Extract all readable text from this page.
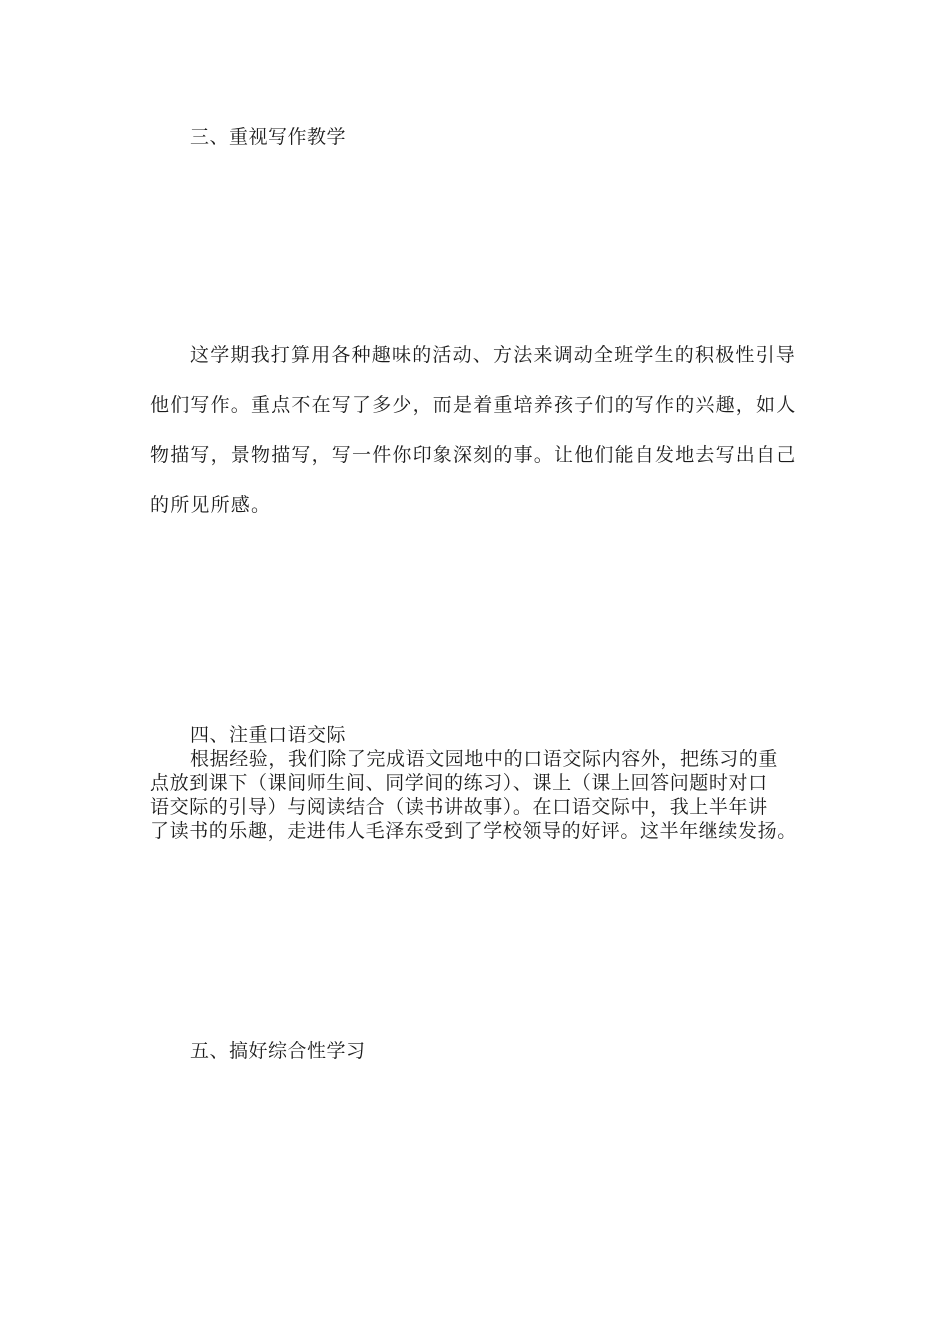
三、重视写作教学
这学期我打算用各种趣味的活动、方法来调动全班学生的积极性引导
他们写作。重点不在写了多少，而是着重培养孩子们的写作的兴趣，如人
物描写，景物描写，写一件你印象深刻的事。让他们能自发地去写出自己
的所见所感。
四、注重口语交际
根据经验，我们除了完成语文园地中的口语交际内容外，把练习的重
点放到课下（课间师生间、同学间的练习）、课上（课上回答问题时对口
语交际的引导）与阅读结合（读书讲故事）。在口语交际中，我上半年讲
了读书的乐趣，走进伟人毛泽东受到了学校领导的好评。这半年继续发扬。
五、搞好综合性学习
